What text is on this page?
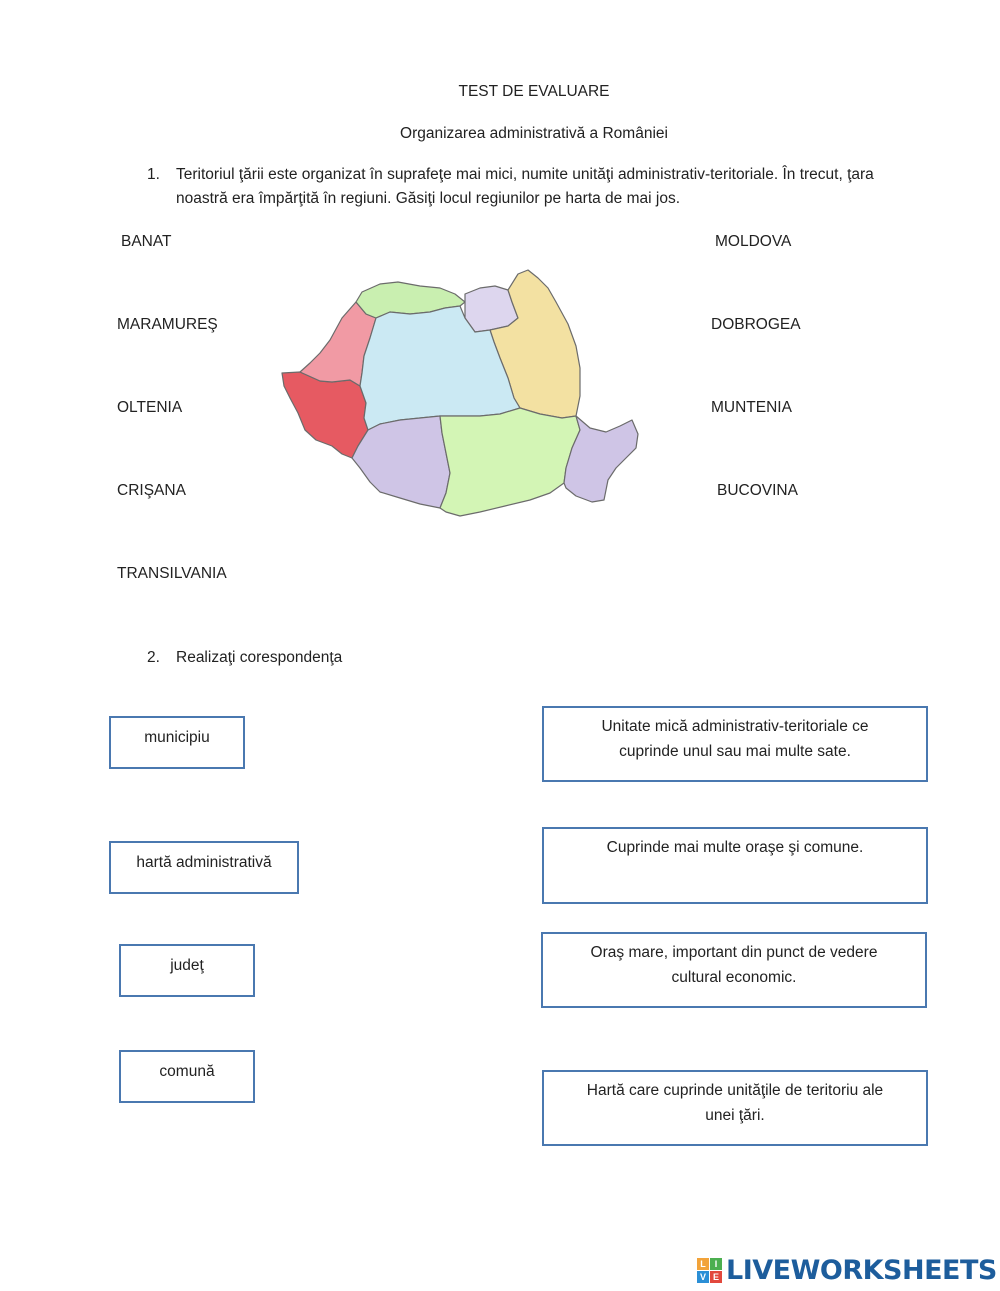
TEST DE EVALUARE
Organizarea administrativă a României
1.	Teritoriul ţării este organizat în suprafeţe mai mici, numite unităţi administrativ-teritoriale. În trecut, ţara
noastră era împărţită în regiuni. Găsiţi locul regiunilor pe harta de mai jos.
BANAT
MARAMUREŞ
OLTENIA
CRIŞANA
TRANSILVANIA
MOLDOVA
DOBROGEA
MUNTENIA
BUCOVINA
2.	Realizaţi corespondenţa
municipiu
hartă administrativă
judeţ
comună
Unitate mică administrativ-teritoriale ce
cuprinde unul sau mai multe sate.
Cuprinde mai multe oraşe şi comune.
Oraş mare, important din punct de vedere
cultural economic.
Hartă care cuprinde unităţile de teritoriu ale
unei ţări.
L I
V E LIVEWORKSHEETS
